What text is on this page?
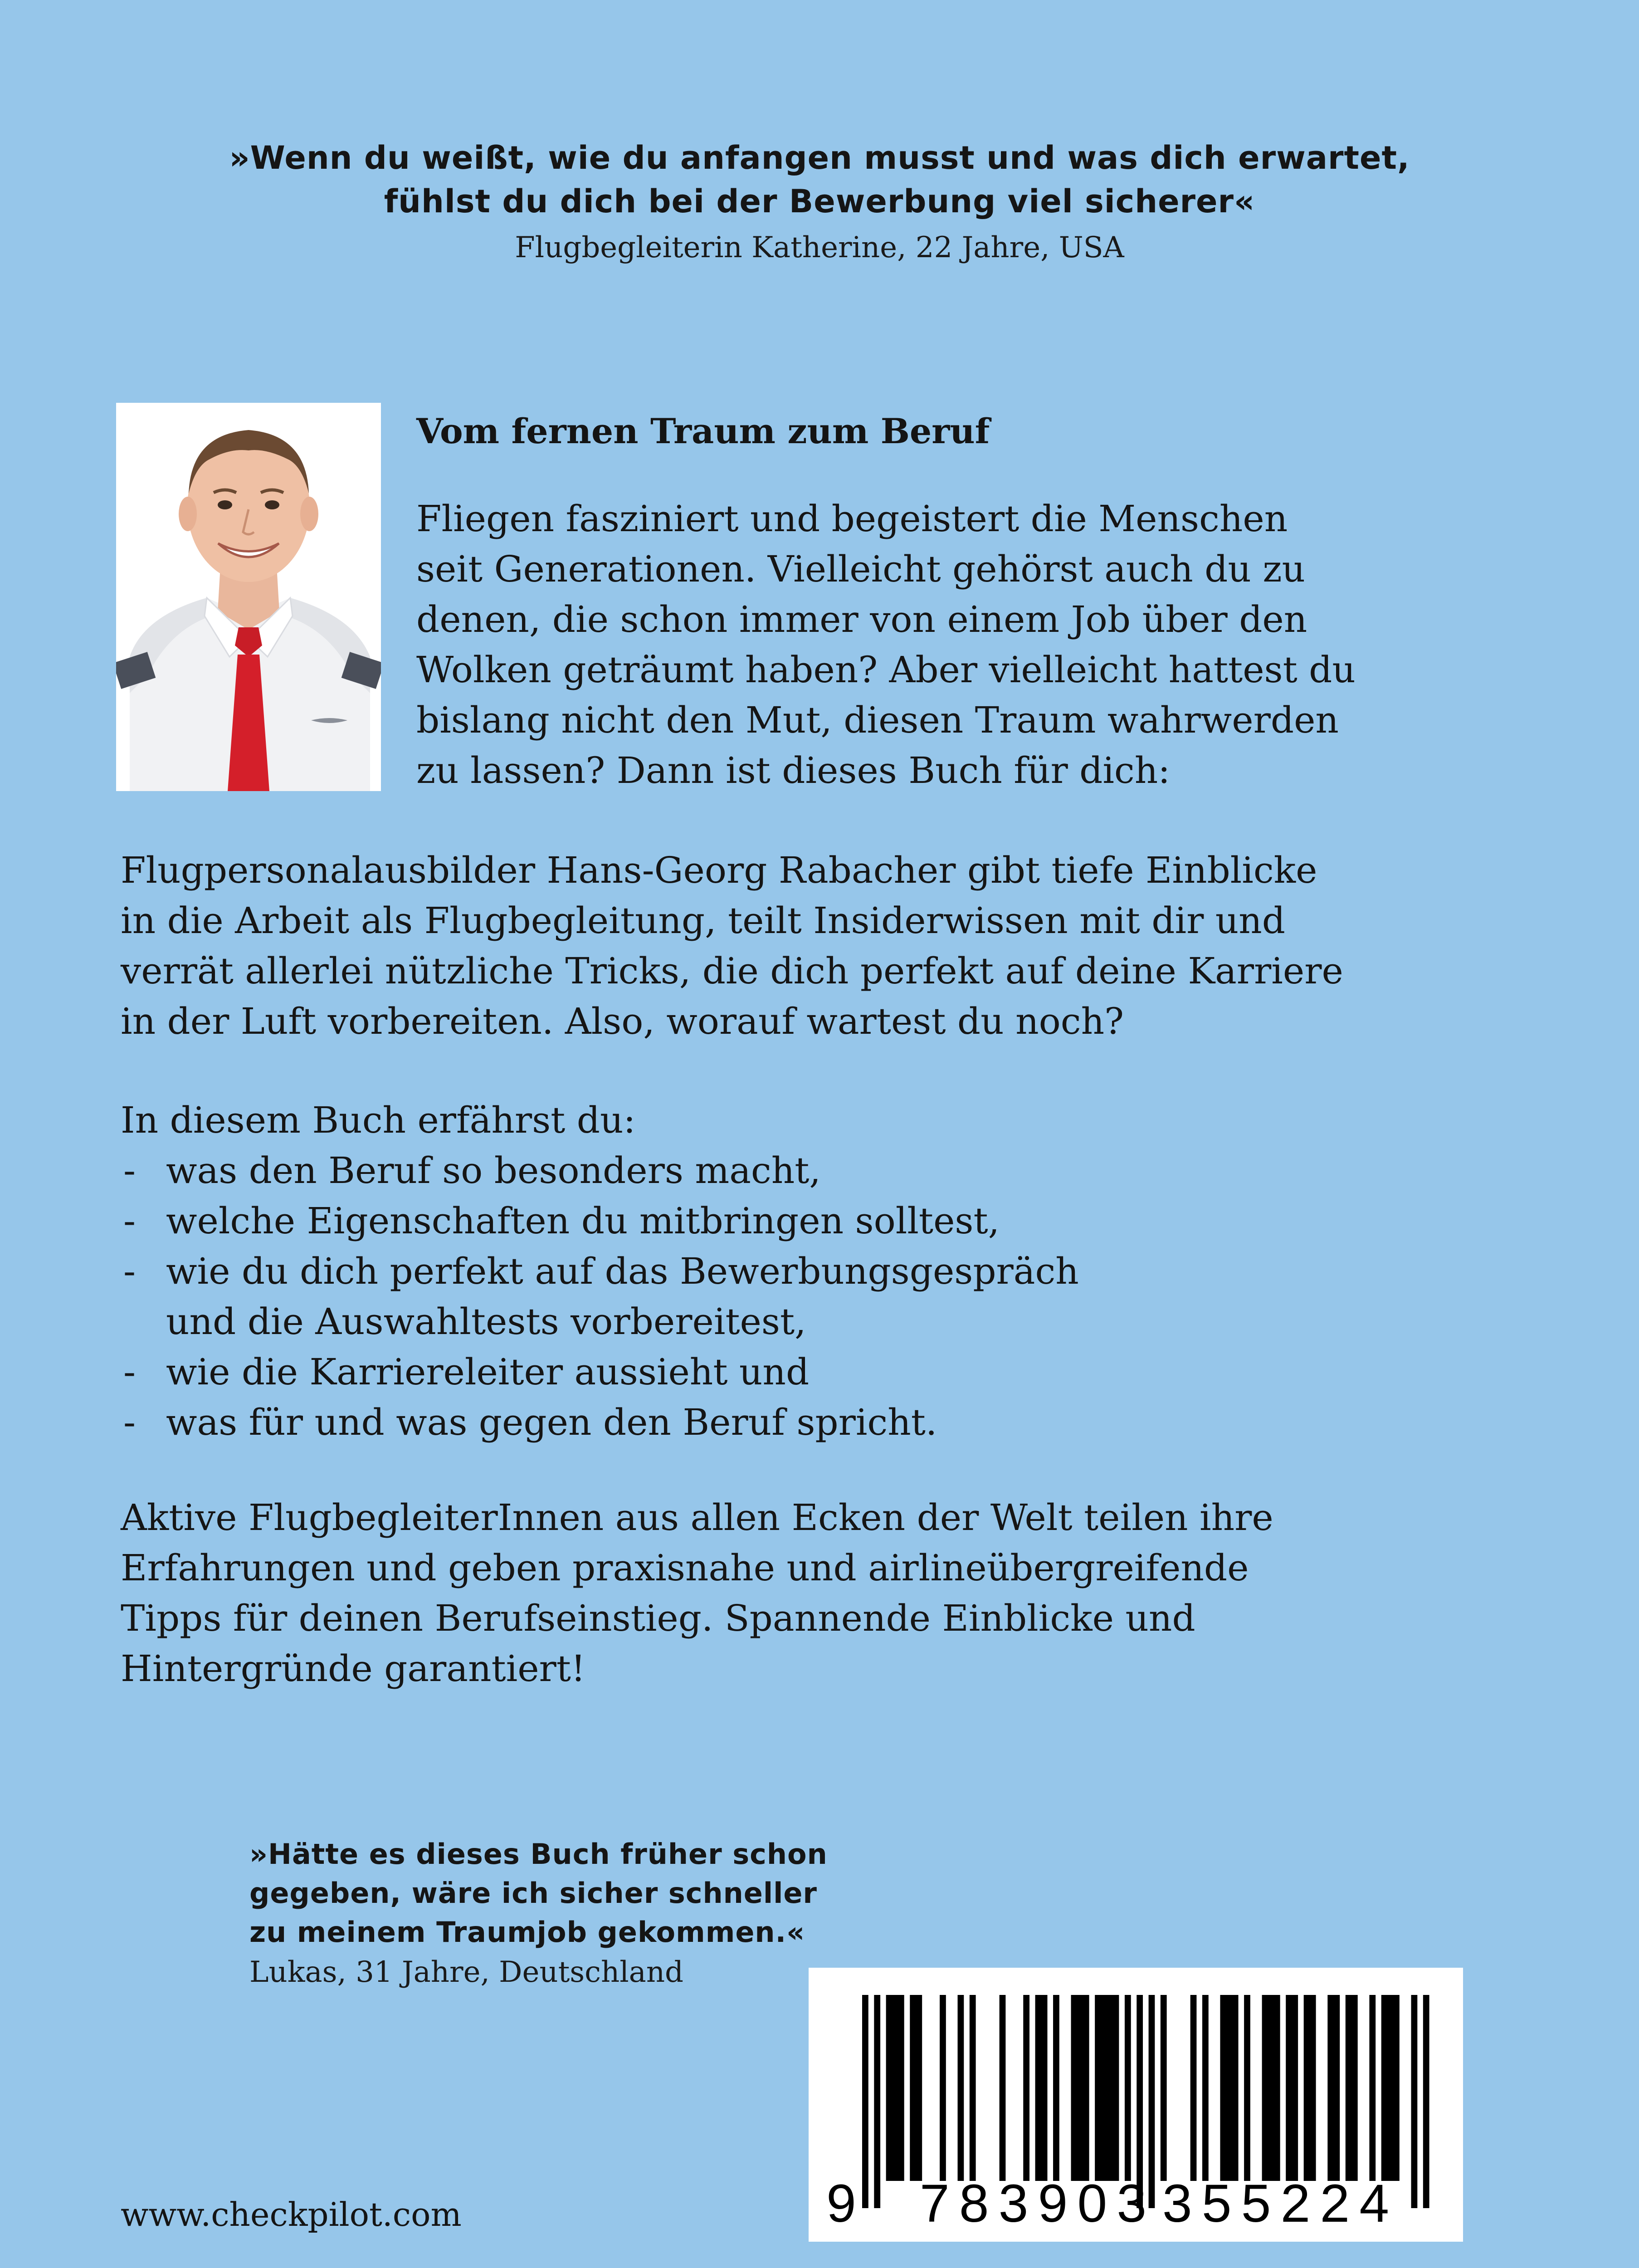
»Wenn du weißt, wie du anfangen musst und was dich erwartet,
fühlst du dich bei der Bewerbung viel sicherer«
Flugbegleiterin Katherine, 22 Jahre, USA
Vom fernen Traum zum Beruf
Fliegen fasziniert und begeistert die Menschen
seit Generationen. Vielleicht gehörst auch du zu
denen, die schon immer von einem Job über den
Wolken geträumt haben? Aber vielleicht hattest du
bislang nicht den Mut, diesen Traum wahrwerden
zu lassen? Dann ist dieses Buch für dich:
Flugpersonalausbilder Hans-Georg Rabacher gibt tiefe Einblicke
in die Arbeit als Flugbegleitung, teilt Insiderwissen mit dir und
verrät allerlei nützliche Tricks, die dich perfekt auf deine Karriere
in der Luft vorbereiten. Also, worauf wartest du noch?
In diesem Buch erfährst du:
- was den Beruf so besonders macht,
- welche Eigenschaften du mitbringen solltest,
- wie du dich perfekt auf das Bewerbungsgespräch
und die Auswahltests vorbereitest,
- wie die Karriereleiter aussieht und
- was für und was gegen den Beruf spricht.
Aktive FlugbegleiterInnen aus allen Ecken der Welt teilen ihre
Erfahrungen und geben praxisnahe und airlineübergreifende
Tipps für deinen Berufseinstieg. Spannende Einblicke und
Hintergründe garantiert!
»Hätte es dieses Buch früher schon
gegeben, wäre ich sicher schneller
zu meinem Traumjob gekommen.«
Lukas, 31 Jahre, Deutschland
9 783903 355224
www.checkpilot.com
